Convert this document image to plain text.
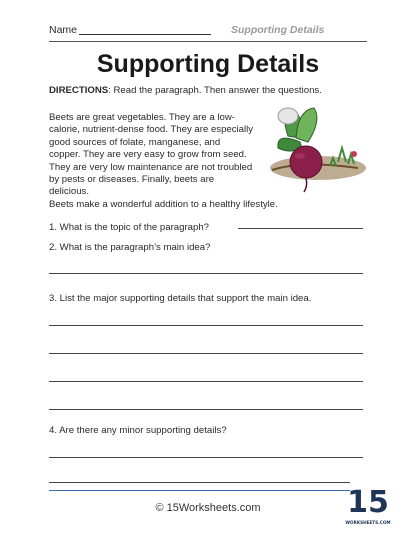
Name	Supporting Details
Supporting Details
DIRECTIONS: Read the paragraph. Then answer the questions.
Beets are great vegetables. They are a low-
calorie, nutrient-dense food. They are especially
good sources of folate, manganese, and
copper. They are very easy to grow from seed.
They are very low maintenance are not troubled
by pests or diseases. Finally, beets are delicious.
Beets make a wonderful addition to a healthy lifestyle.
1. What is the topic of the paragraph?
2. What is the paragraph’s main idea?
3. List the major supporting details that support the main idea.
4. Are there any minor supporting details?
© 15Worksheets.com	15
WORKSHEETS.COM
